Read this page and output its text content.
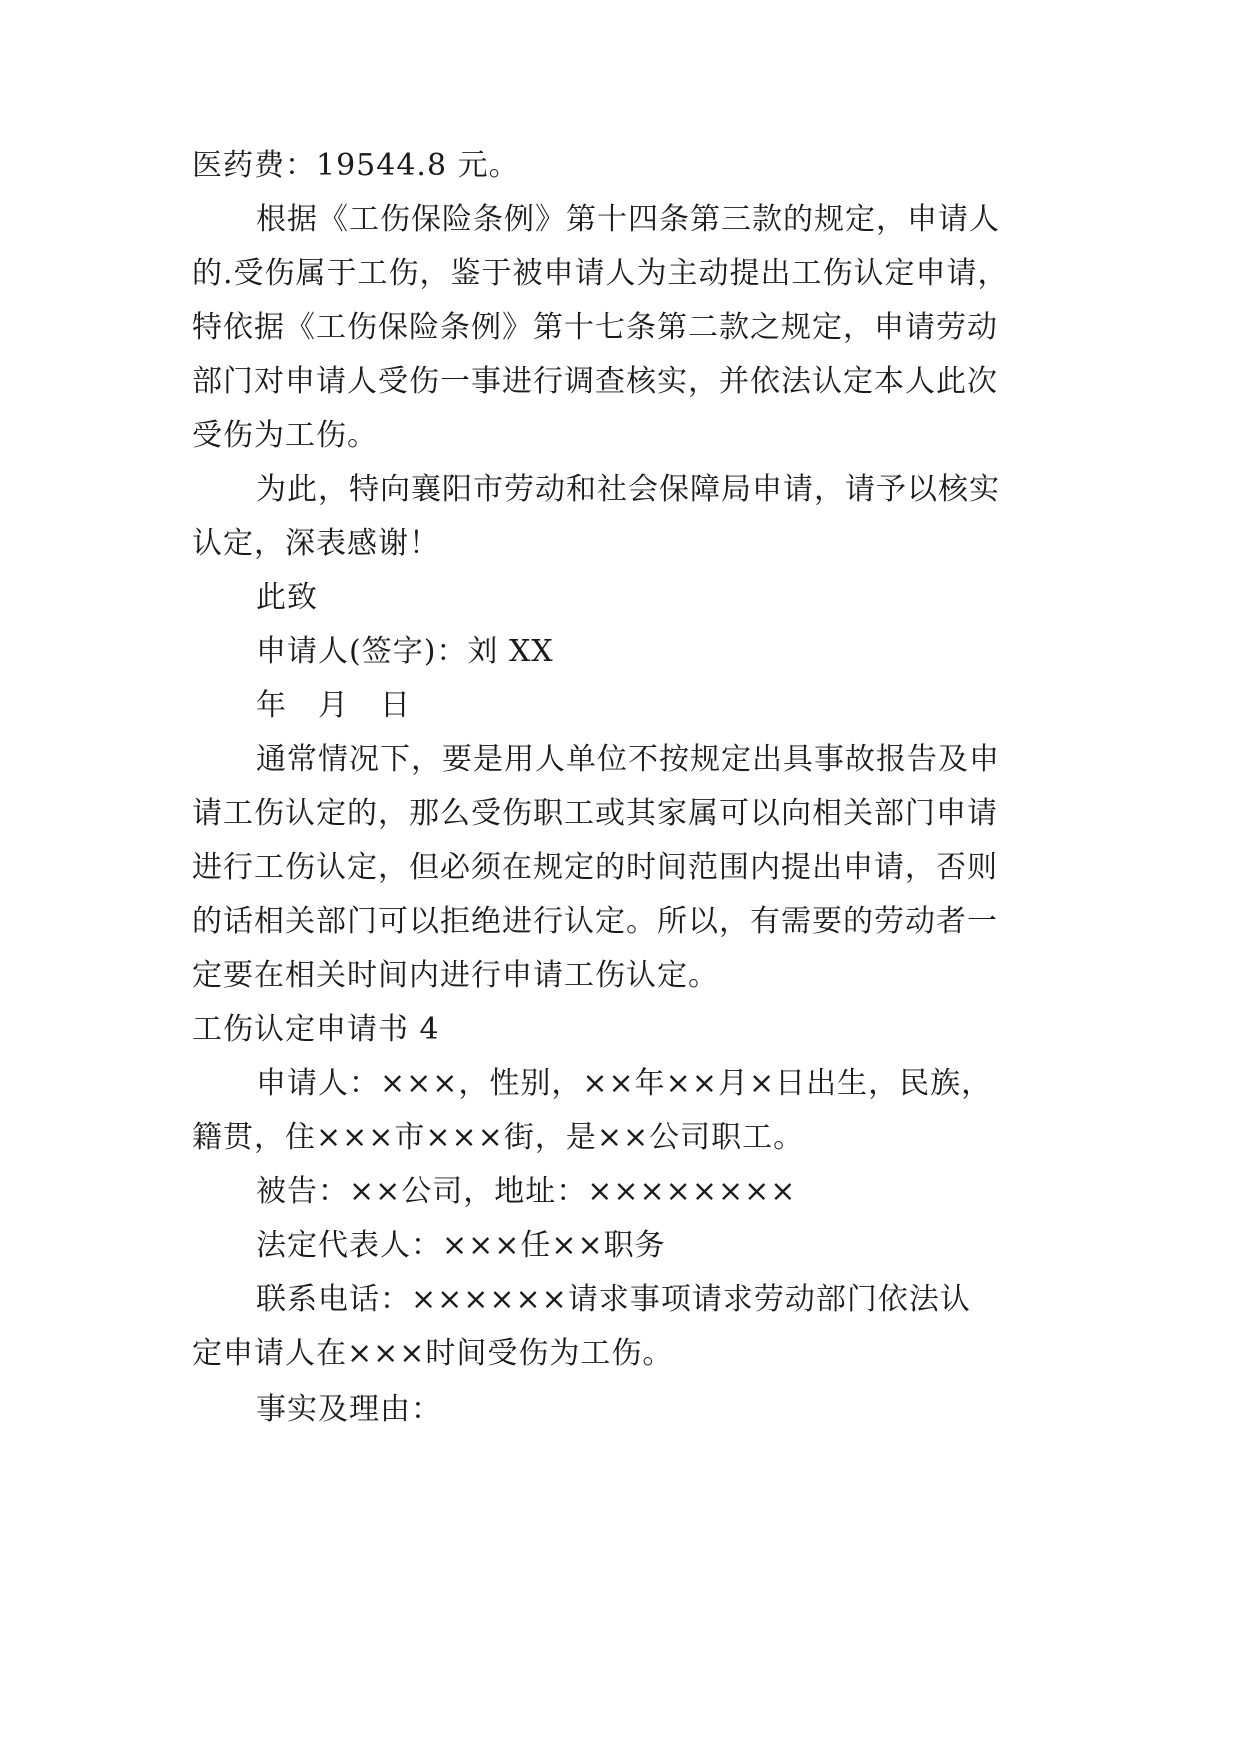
医药费：19544.8 元。
根据《工伤保险条例》第十四条第三款的规定，申请人
的.受伤属于工伤，鉴于被申请人为主动提出工伤认定申请，
特依据《工伤保险条例》第十七条第二款之规定，申请劳动
部门对申请人受伤一事进行调查核实，并依法认定本人此次
受伤为工伤。
为此，特向襄阳市劳动和社会保障局申请，请予以核实
认定，深表感谢！
此致
申请人(签字)：刘 XX
年　月　日
通常情况下，要是用人单位不按规定出具事故报告及申
请工伤认定的，那么受伤职工或其家属可以向相关部门申请
进行工伤认定，但必须在规定的时间范围内提出申请，否则
的话相关部门可以拒绝进行认定。所以，有需要的劳动者一
定要在相关时间内进行申请工伤认定。
工伤认定申请书 4
申请人：×××，性别，××年××月×日出生，民族，
籍贯，住×××市×××街，是××公司职工。
被告：××公司，地址：××××××××
法定代表人：×××任××职务
联系电话：××××××请求事项请求劳动部门依法认
定申请人在×××时间受伤为工伤。
事实及理由：
